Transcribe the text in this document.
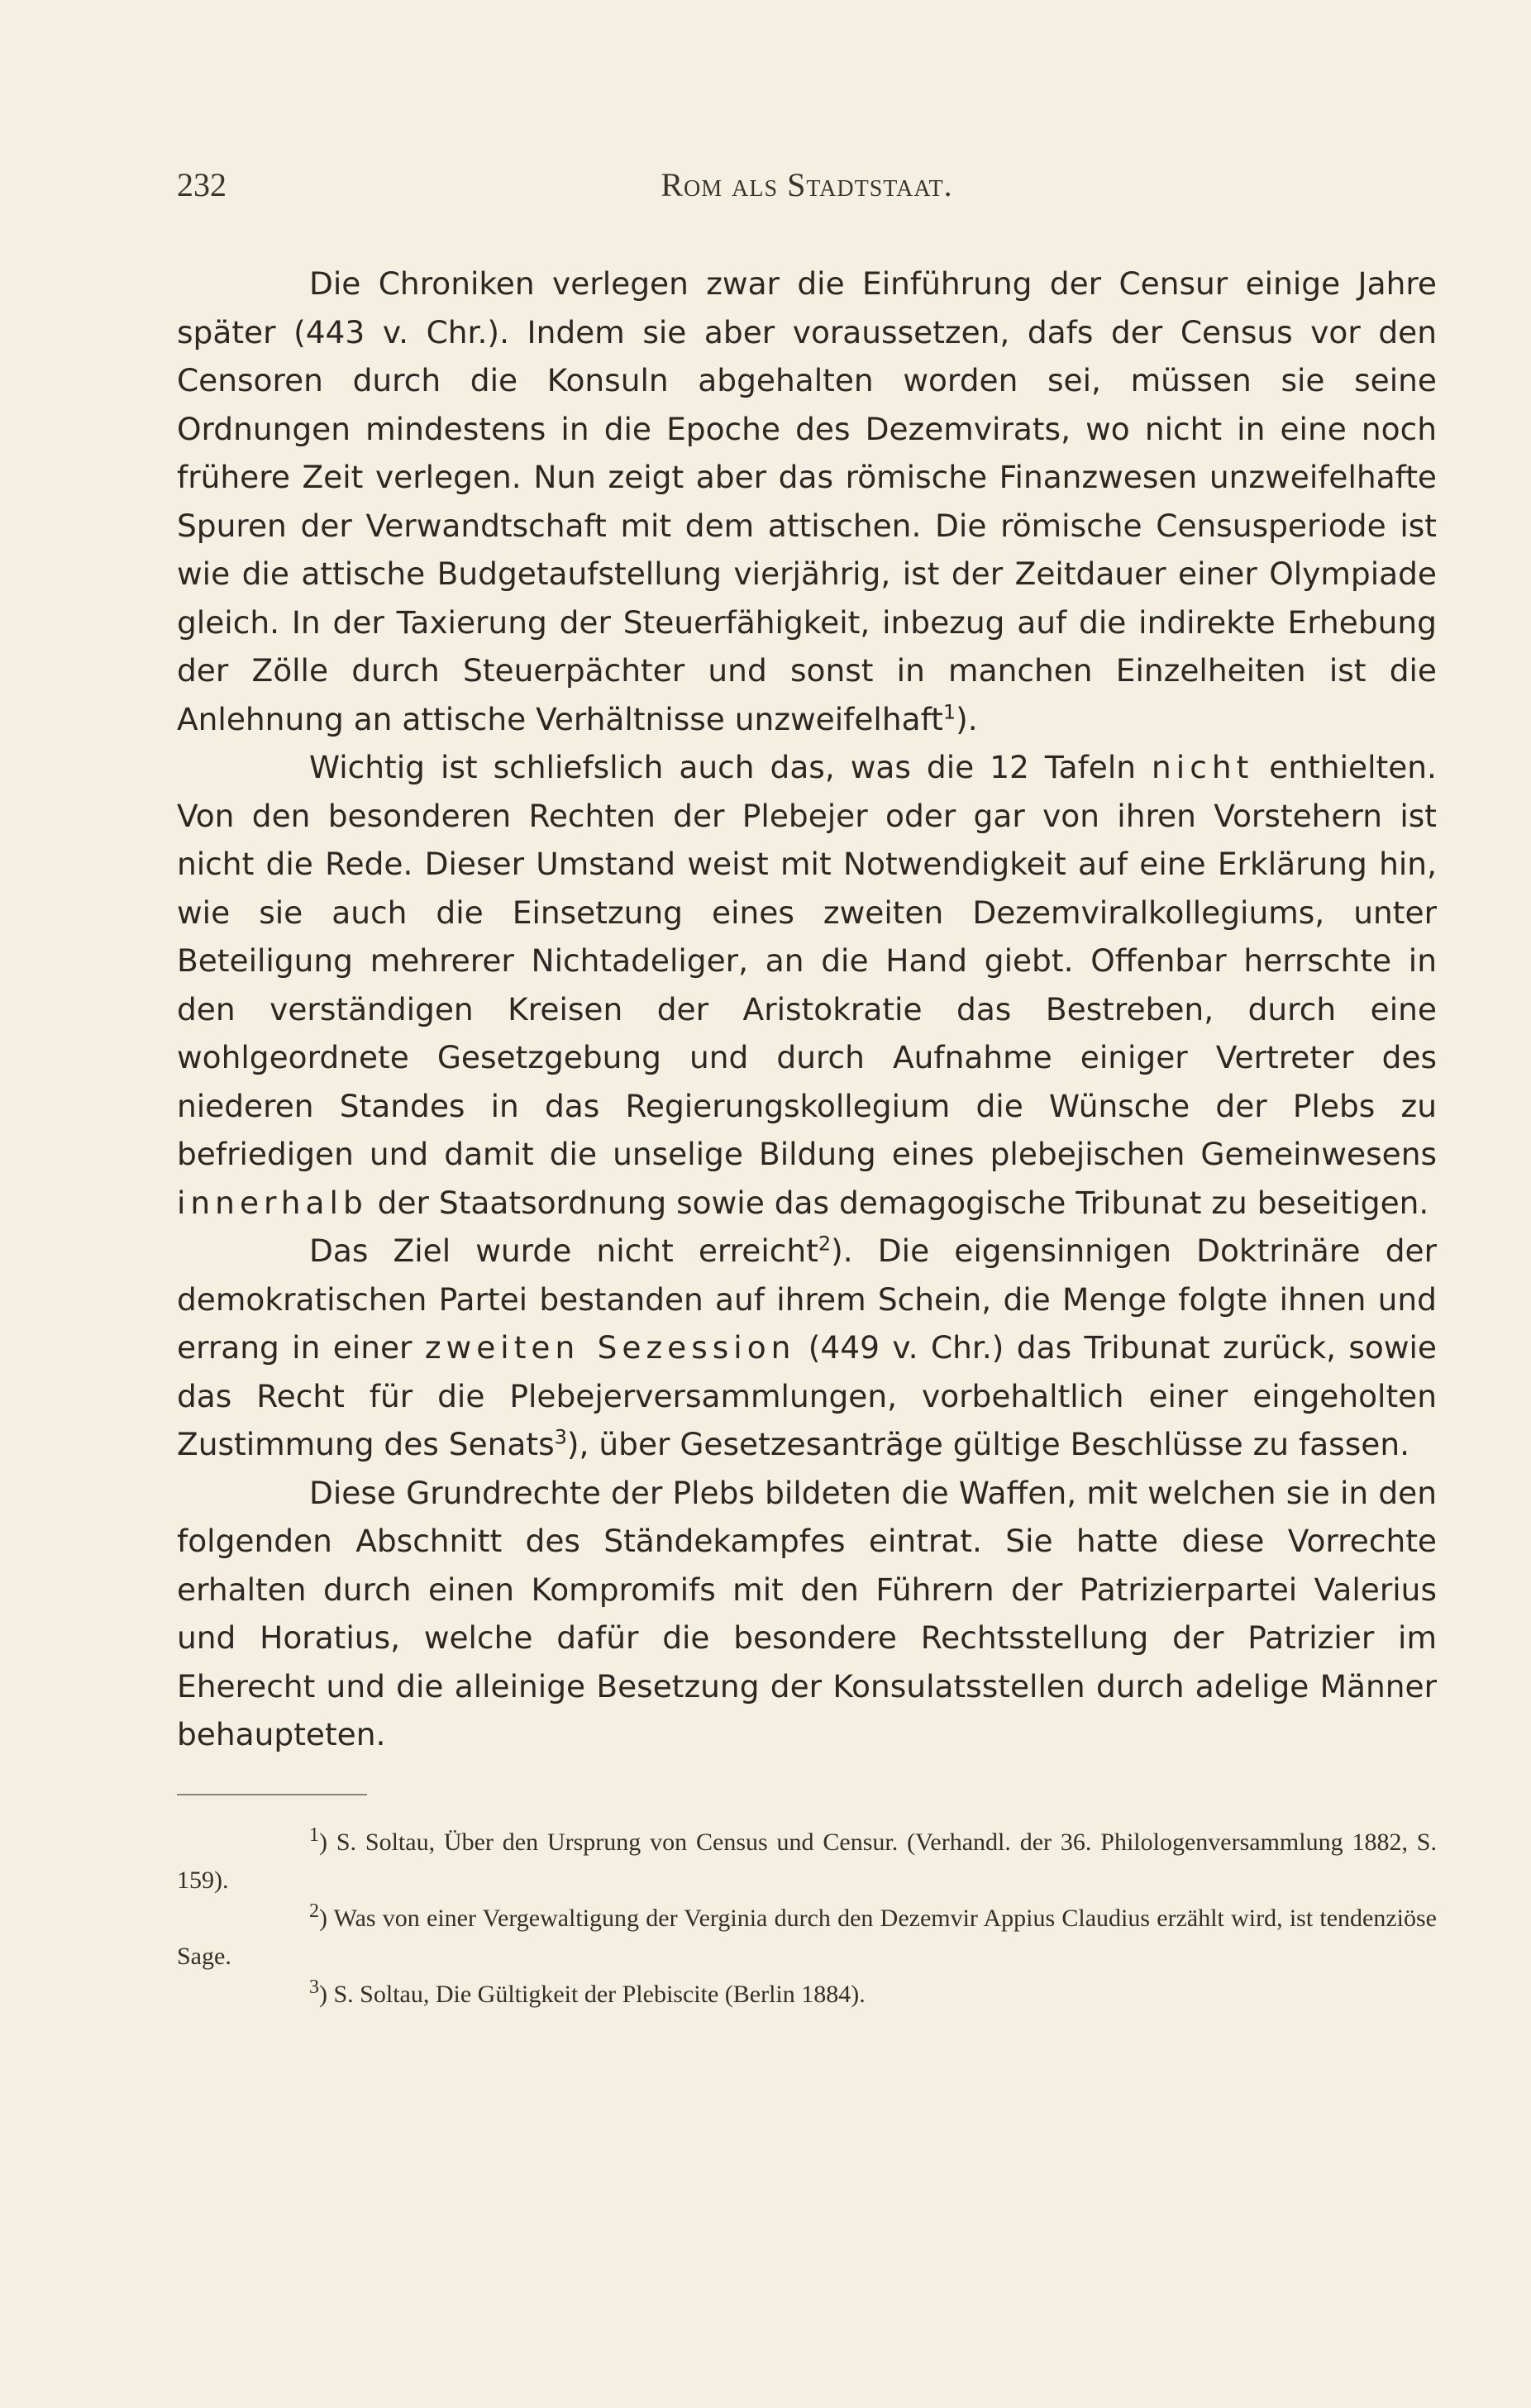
232	Rom als Stadtstaat.

Die Chroniken verlegen zwar die Einführung der Censur einige Jahre später (443 v. Chr.). Indem sie aber voraussetzen, dafs der Census vor den Censoren durch die Konsuln abgehalten worden sei, müssen sie seine Ordnungen mindestens in die Epoche des Dezemvirats, wo nicht in eine noch frühere Zeit verlegen. Nun zeigt aber das römische Finanzwesen unzweifelhafte Spuren der Verwandtschaft mit dem attischen. Die römische Censusperiode ist wie die attische Budgetaufstellung vierjährig, ist der Zeitdauer einer Olympiade gleich. In der Taxierung der Steuerfähigkeit, inbezug auf die indirekte Erhebung der Zölle durch Steuerpächter und sonst in manchen Einzelheiten ist die Anlehnung an attische Verhältnisse unzweifelhaft$^1$).

Wichtig ist schliefslich auch das, was die 12 Tafeln nicht enthielten. Von den besonderen Rechten der Plebejer oder gar von ihren Vorstehern ist nicht die Rede. Dieser Umstand weist mit Notwendigkeit auf eine Erklärung hin, wie sie auch die Einsetzung eines zweiten Dezemviralkollegiums, unter Beteiligung mehrerer Nichtadeliger, an die Hand giebt. Offenbar herrschte in den verständigen Kreisen der Aristokratie das Bestreben, durch eine wohlgeordnete Gesetzgebung und durch Aufnahme einiger Vertreter des niederen Standes in das Regierungskollegium die Wünsche der Plebs zu befriedigen und damit die unselige Bildung eines plebejischen Gemeinwesens innerhalb der Staatsordnung sowie das demagogische Tribunat zu beseitigen.

Das Ziel wurde nicht erreicht$^2$). Die eigensinnigen Doktrinäre der demokratischen Partei bestanden auf ihrem Schein, die Menge folgte ihnen und errang in einer zweiten Sezession (449 v. Chr.) das Tribunat zurück, sowie das Recht für die Plebejerversammlungen, vorbehaltlich einer eingeholten Zustimmung des Senats$^3$), über Gesetzesanträge gültige Beschlüsse zu fassen.

Diese Grundrechte der Plebs bildeten die Waffen, mit welchen sie in den folgenden Abschnitt des Ständekampfes eintrat. Sie hatte diese Vorrechte erhalten durch einen Kompromifs mit den Führern der Patrizierpartei Valerius und Horatius, welche dafür die besondere Rechtsstellung der Patrizier im Eherecht und die alleinige Besetzung der Konsulatsstellen durch adelige Männer behaupteten.

$^1$) S. Soltau, Über den Ursprung von Census und Censur. (Verhandl. der 36. Philologenversammlung 1882, S. 159).

$^2$) Was von einer Vergewaltigung der Verginia durch den Dezemvir Appius Claudius erzählt wird, ist tendenziöse Sage.

$^3$) S. Soltau, Die Gültigkeit der Plebiscite (Berlin 1884).
